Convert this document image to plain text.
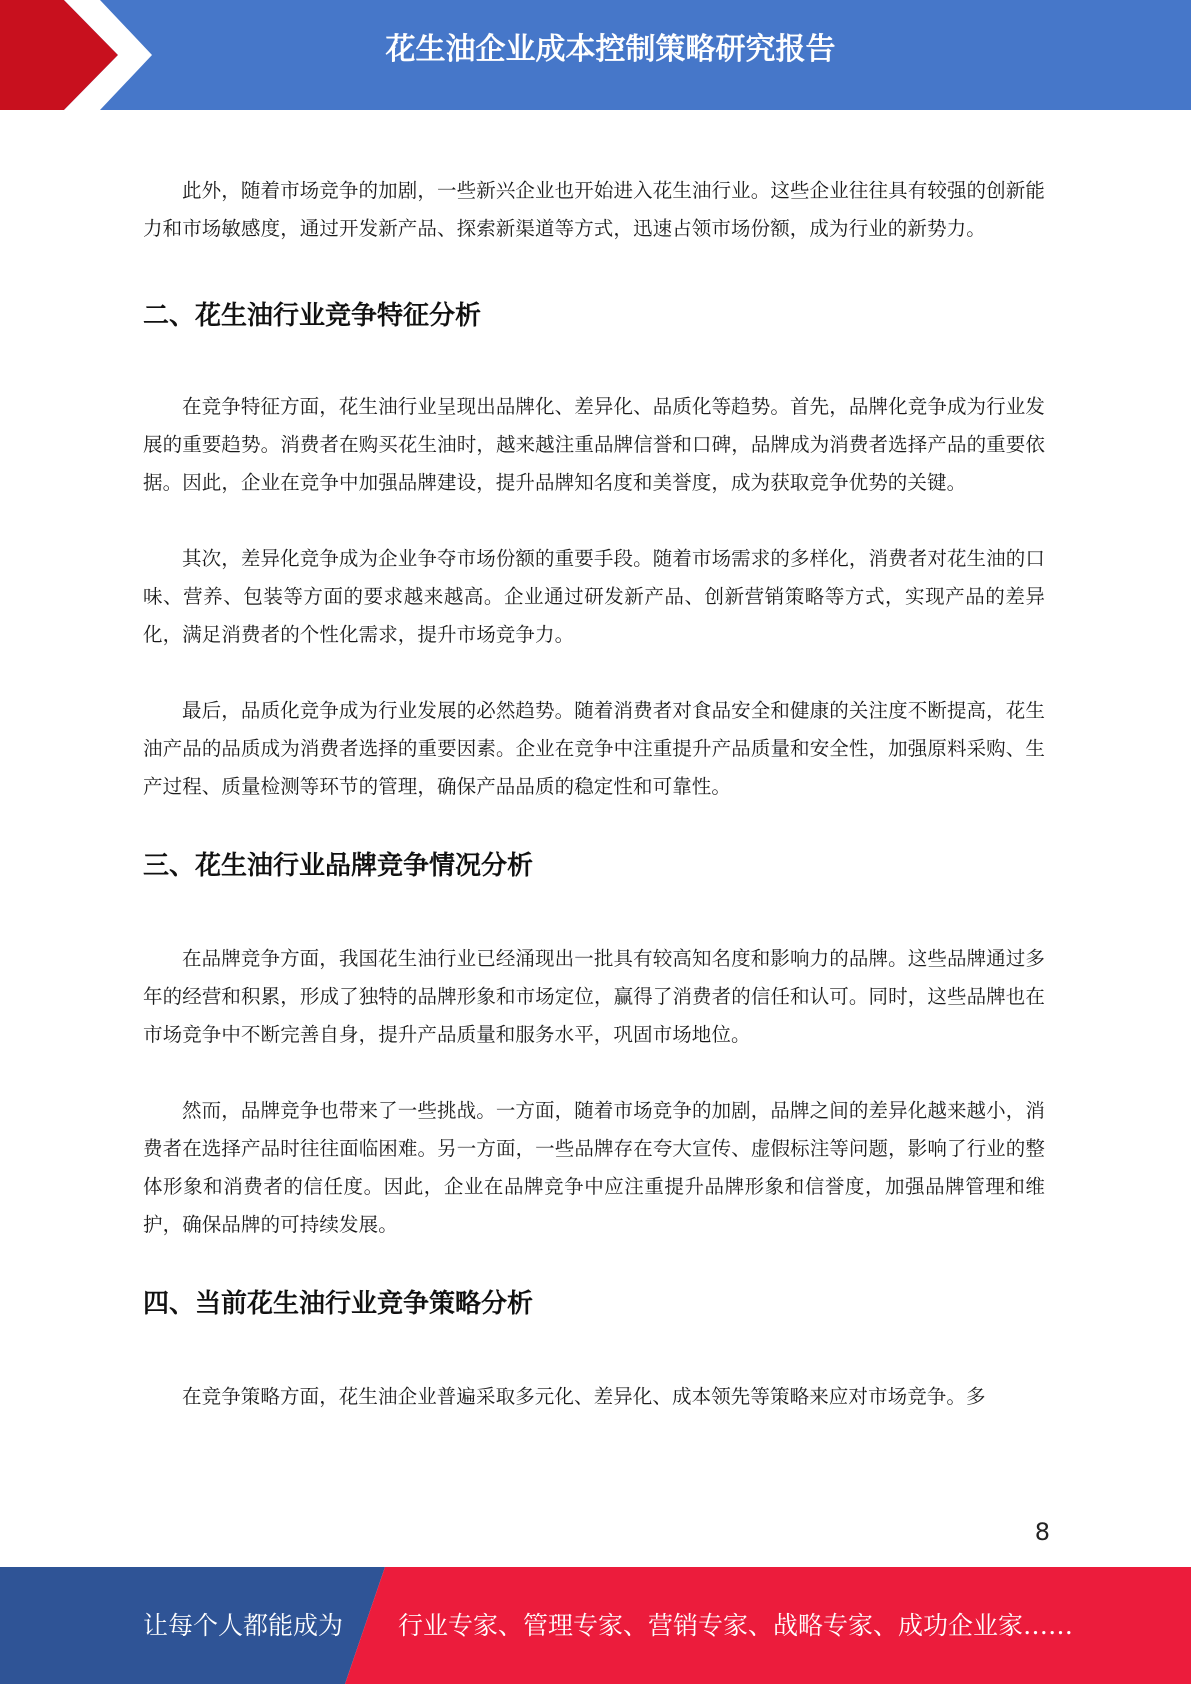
花生油企业成本控制策略研究报告

此外，随着市场竞争的加剧，一些新兴企业也开始进入花生油行业。这些企业往往具有较强的创新能力和市场敏感度，通过开发新产品、探索新渠道等方式，迅速占领市场份额，成为行业的新势力。

二、花生油行业竞争特征分析

在竞争特征方面，花生油行业呈现出品牌化、差异化、品质化等趋势。首先，品牌化竞争成为行业发展的重要趋势。消费者在购买花生油时，越来越注重品牌信誉和口碑，品牌成为消费者选择产品的重要依据。因此，企业在竞争中加强品牌建设，提升品牌知名度和美誉度，成为获取竞争优势的关键。

其次，差异化竞争成为企业争夺市场份额的重要手段。随着市场需求的多样化，消费者对花生油的口味、营养、包装等方面的要求越来越高。企业通过研发新产品、创新营销策略等方式，实现产品的差异化，满足消费者的个性化需求，提升市场竞争力。

最后，品质化竞争成为行业发展的必然趋势。随着消费者对食品安全和健康的关注度不断提高，花生油产品的品质成为消费者选择的重要因素。企业在竞争中注重提升产品质量和安全性，加强原料采购、生产过程、质量检测等环节的管理，确保产品品质的稳定性和可靠性。

三、花生油行业品牌竞争情况分析

在品牌竞争方面，我国花生油行业已经涌现出一批具有较高知名度和影响力的品牌。这些品牌通过多年的经营和积累，形成了独特的品牌形象和市场定位，赢得了消费者的信任和认可。同时，这些品牌也在市场竞争中不断完善自身，提升产品质量和服务水平，巩固市场地位。

然而，品牌竞争也带来了一些挑战。一方面，随着市场竞争的加剧，品牌之间的差异化越来越小，消费者在选择产品时往往面临困难。另一方面，一些品牌存在夸大宣传、虚假标注等问题，影响了行业的整体形象和消费者的信任度。因此，企业在品牌竞争中应注重提升品牌形象和信誉度，加强品牌管理和维护，确保品牌的可持续发展。

四、当前花生油行业竞争策略分析

在竞争策略方面，花生油企业普遍采取多元化、差异化、成本领先等策略来应对市场竞争。多

8
让每个人都能成为 行业专家、管理专家、营销专家、战略专家、成功企业家……
